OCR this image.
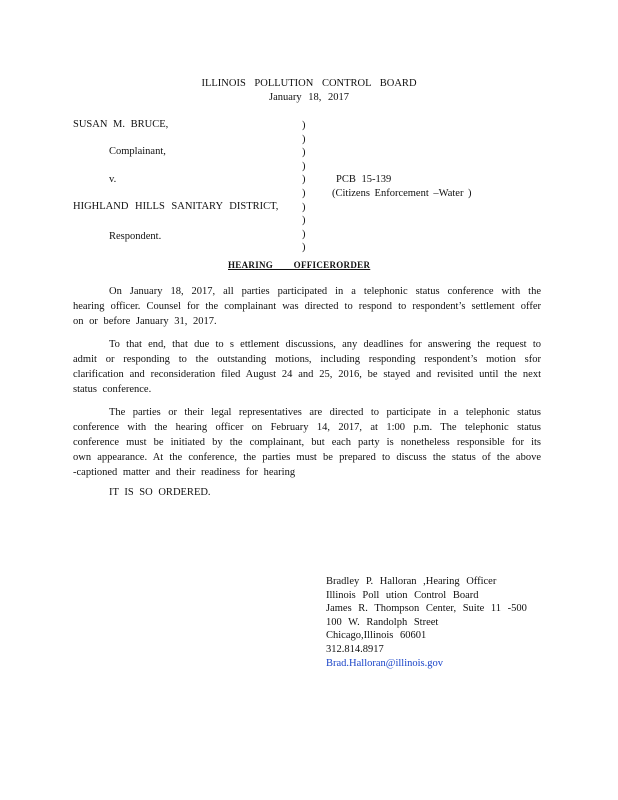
ILLINOIS POLLUTION CONTROL BOARD
January 18, 2017
SUSAN M. BRUCE,
Complainant,
v.
HIGHLAND HILLS SANITARY DISTRICT,
Respondent.
)
)
)
)
)
)
)
)
)
)
PCB 15-139
(Citizens Enforcement –Water )
HEARING OFFICERORDER
On January 18, 2017, all parties participated in a telephonic status conference with the hearing officer. Counsel for the complainant was directed to respond to respondent’s settlement offer on or before January 31, 2017.
To that end, that due to s ettlement discussions, any deadlines for answering the request to admit or responding to the outstanding motions, including responding respondent’s motion sfor clarification and reconsideration filed August 24 and 25, 2016, be stayed and revisited until the next status conference.
The parties or their legal representatives are directed to participate in a telephonic status conference with the hearing officer on February 14, 2017, at 1:00 p.m. The telephonic status conference must be initiated by the complainant, but each party is nonetheless responsible for its own appearance. At the conference, the parties must be prepared to discuss the status of the above -captioned matter and their readiness for hearing
IT IS SO ORDERED.
Bradley P. Halloran ,Hearing Officer
Illinois Poll ution Control Board
James R. Thompson Center, Suite 11 -500
100 W. Randolph Street
Chicago,Illinois 60601
312.814.8917
Brad.Halloran@illinois.gov
